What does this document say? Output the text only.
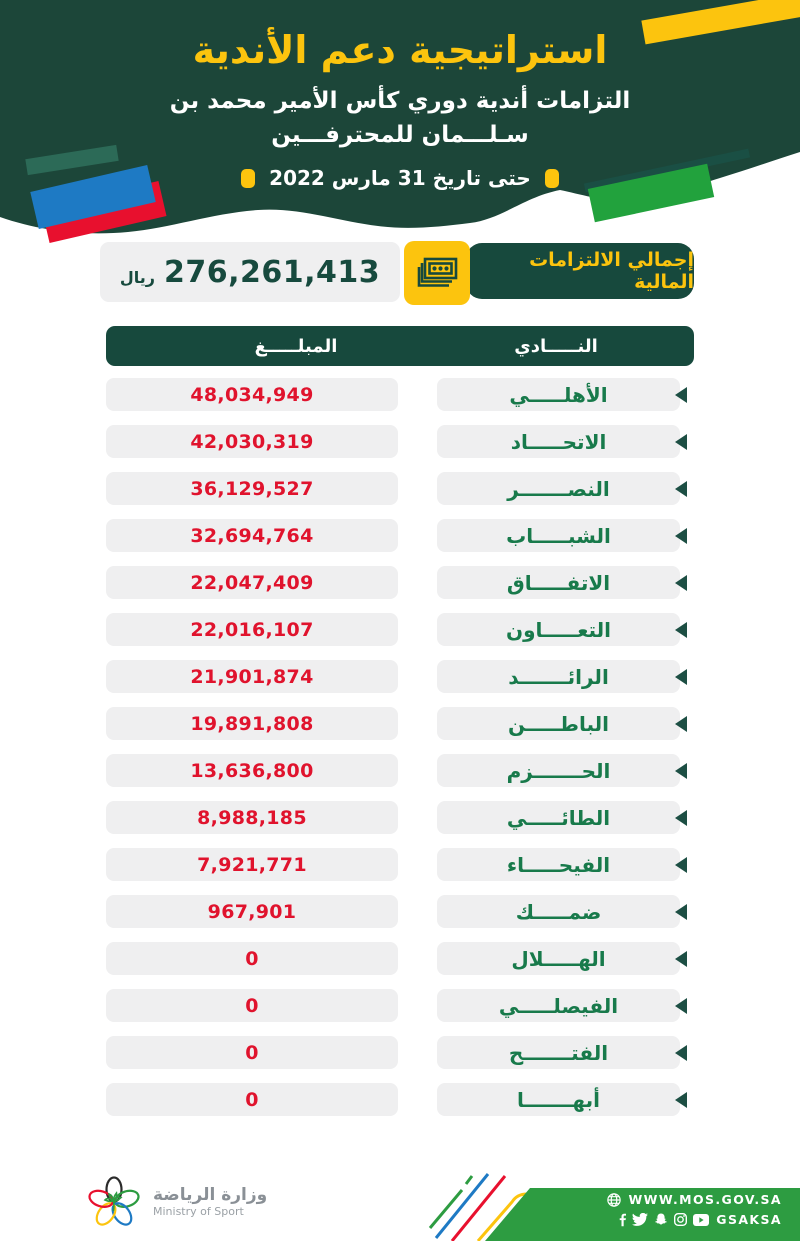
استراتيجية دعم الأندية
التزامات أندية دوري كأس الأمير محمد بن
سـلـــمان للمحترفـــين
حتى تاريخ 31 مارس 2022
276,261,413
ريال
إجمالي الالتزامات المالية
المبلـــــغ	النـــــادي
الأهلـــــي
48,034,949
الاتحـــــاد
42,030,319
النصـــــــر
36,129,527
الشبـــــاب
32,694,764
الاتفـــــاق
22,047,409
التعـــــاون
22,016,107
الرائـــــــد
21,901,874
الباطـــــن
19,891,808
الحـــــــزم
13,636,800
الطائـــــي
8,988,185
الفيحـــــاء
7,921,771
ضمـــــك
967,901
الهـــــلال
0
الفيصلـــــي
0
الفتـــــــح
0
أبهـــــــا
0
وزارة الرياضة
Ministry of Sport
WWW.MOS.GOV.SA
GSAKSA
